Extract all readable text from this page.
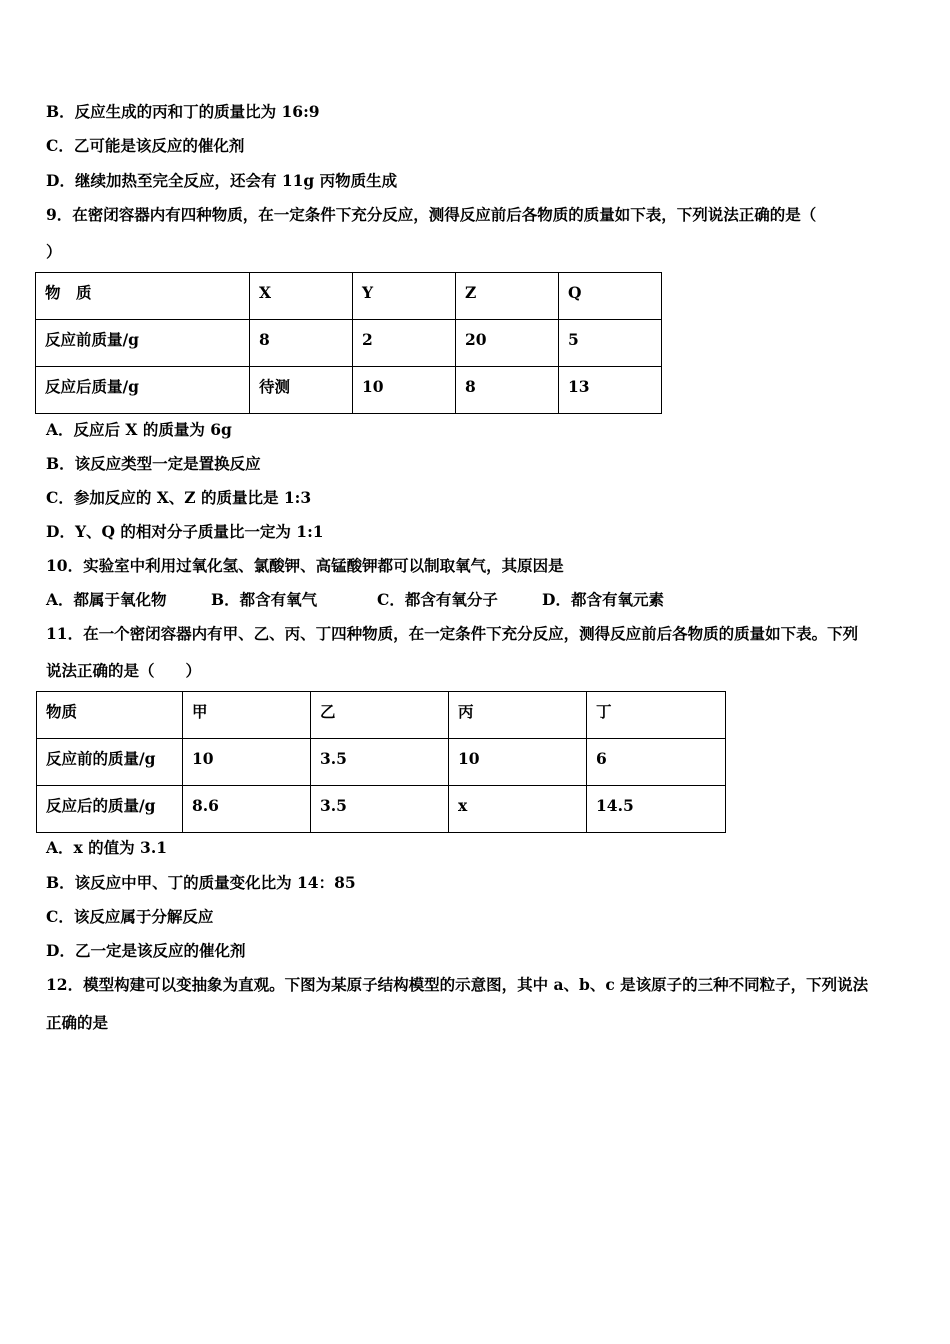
B．反应生成的丙和丁的质量比为 16:9
C．乙可能是该反应的催化剂
D．继续加热至完全反应，还会有 11g 丙物质生成
9．在密闭容器内有四种物质，在一定条件下充分反应，测得反应前后各物质的质量如下表，下列说法正确的是（
）
物　质	X	Y	Z	Q
反应前质量/g	8	2	20	5
反应后质量/g	待测	10	8	13
A．反应后 X 的质量为 6g
B．该反应类型一定是置换反应
C．参加反应的 X、Z 的质量比是 1:3
D．Y、Q 的相对分子质量比一定为 1:1
10．实验室中利用过氧化氢、氯酸钾、高锰酸钾都可以制取氧气，其原因是
A．都属于氧化物	B．都含有氧气	C．都含有氧分子	D．都含有氧元素
11．在一个密闭容器内有甲、乙、丙、丁四种物质，在一定条件下充分反应，测得反应前后各物质的质量如下表。下列
说法正确的是（　　）
物质	甲	乙	丙	丁
反应前的质量/g	10	3.5	10	6
反应后的质量/g	8.6	3.5	x	14.5
A．x 的值为 3.1
B．该反应中甲、丁的质量变化比为 14：85
C．该反应属于分解反应
D．乙一定是该反应的催化剂
12．模型构建可以变抽象为直观。下图为某原子结构模型的示意图，其中 a、b、c 是该原子的三种不同粒子，下列说法
正确的是
